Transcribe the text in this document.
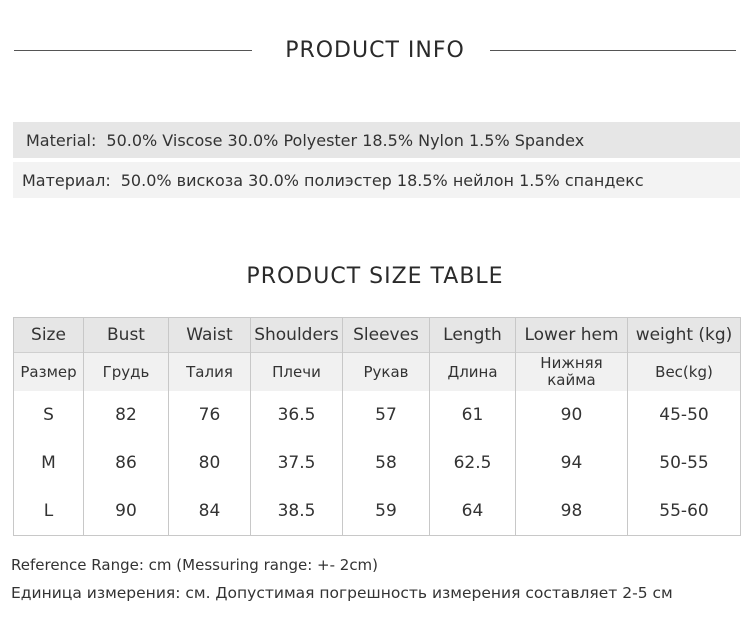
PRODUCT INFO
Material: 50.0% Viscose 30.0% Polyester 18.5% Nylon 1.5% Spandex
Материал: 50.0% вискоза 30.0% полиэстер 18.5% нейлон 1.5% спандекс
PRODUCT SIZE TABLE
Size	Bust	Waist	Shoulders	Sleeves	Length	Lower hem	weight (kg)
Размер	Грудь	Талия	Плечи	Рукав	Длина	Нижняя кайма	Вес(kg)
S	82	76	36.5	57	61	90	45-50
M	86	80	37.5	58	62.5	94	50-55
L	90	84	38.5	59	64	98	55-60
Reference Range: cm (Messuring range: +- 2cm)
Единица измерения: см. Допустимая погрешность измерения составляет 2-5 см
